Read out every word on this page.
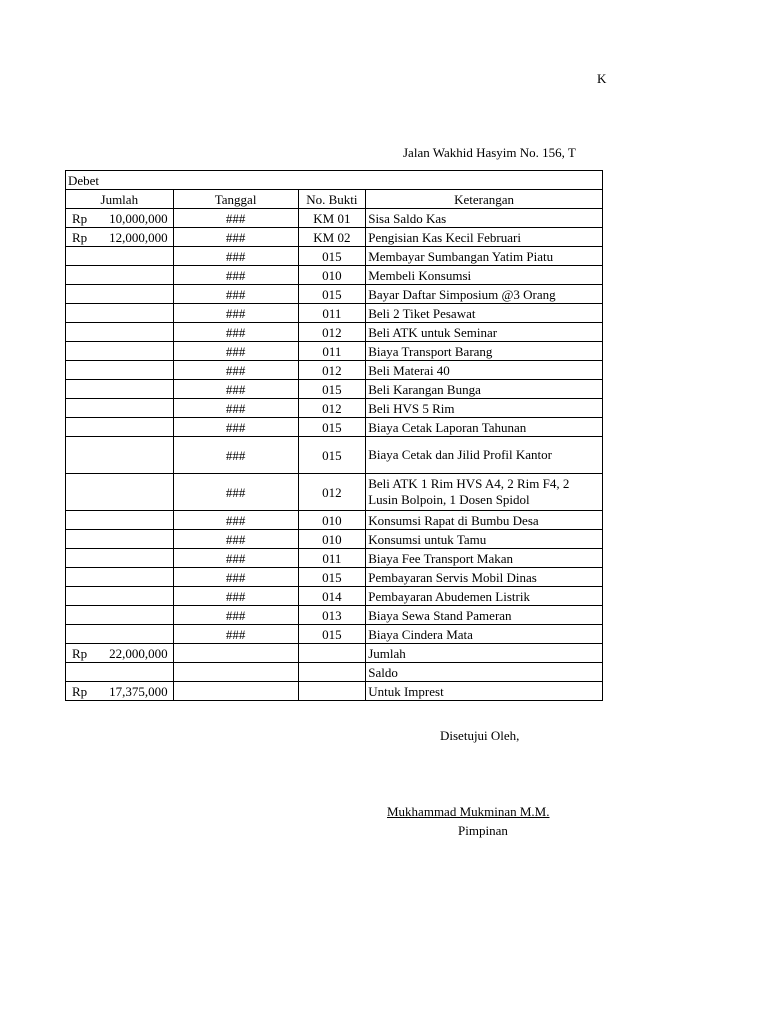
K
Jalan Wakhid Hasyim No. 156, T
Debet			
Jumlah	Tanggal	No. Bukti	Keterangan

Rp 10,000,000	###	KM 01	Sisa Saldo Kas

Rp 12,000,000	###	KM 02	Pengisian Kas Kecil Februari
	###	015	Membayar Sumbangan Yatim Piatu
	###	010	Membeli Konsumsi
	###	015	Bayar Daftar Simposium @3 Orang
	###	011	Beli 2 Tiket Pesawat
	###	012	Beli ATK untuk Seminar
	###	011	Biaya Transport Barang
	###	012	Beli Materai 40
	###	015	Beli Karangan Bunga
	###	012	Beli HVS 5 Rim
	###	015	Biaya Cetak Laporan Tahunan
	###	015	Biaya Cetak dan Jilid Profil Kantor
	###	012	Beli ATK 1 Rim HVS A4, 2 Rim F4, 2 Lusin Bolpoin, 1 Dosen Spidol
	###	010	Konsumsi Rapat di Bumbu Desa
	###	010	Konsumsi untuk Tamu
	###	011	Biaya Fee Transport Makan
	###	015	Pembayaran Servis Mobil Dinas
	###	014	Pembayaran Abudemen Listrik
	###	013	Biaya Sewa Stand Pameran
	###	015	Biaya Cindera Mata

Rp 22,000,000			Jumlah
			Saldo

Rp 17,375,000			Untuk Imprest
Disetujui Oleh,
Mukhammad Mukminan M.M.
Pimpinan
